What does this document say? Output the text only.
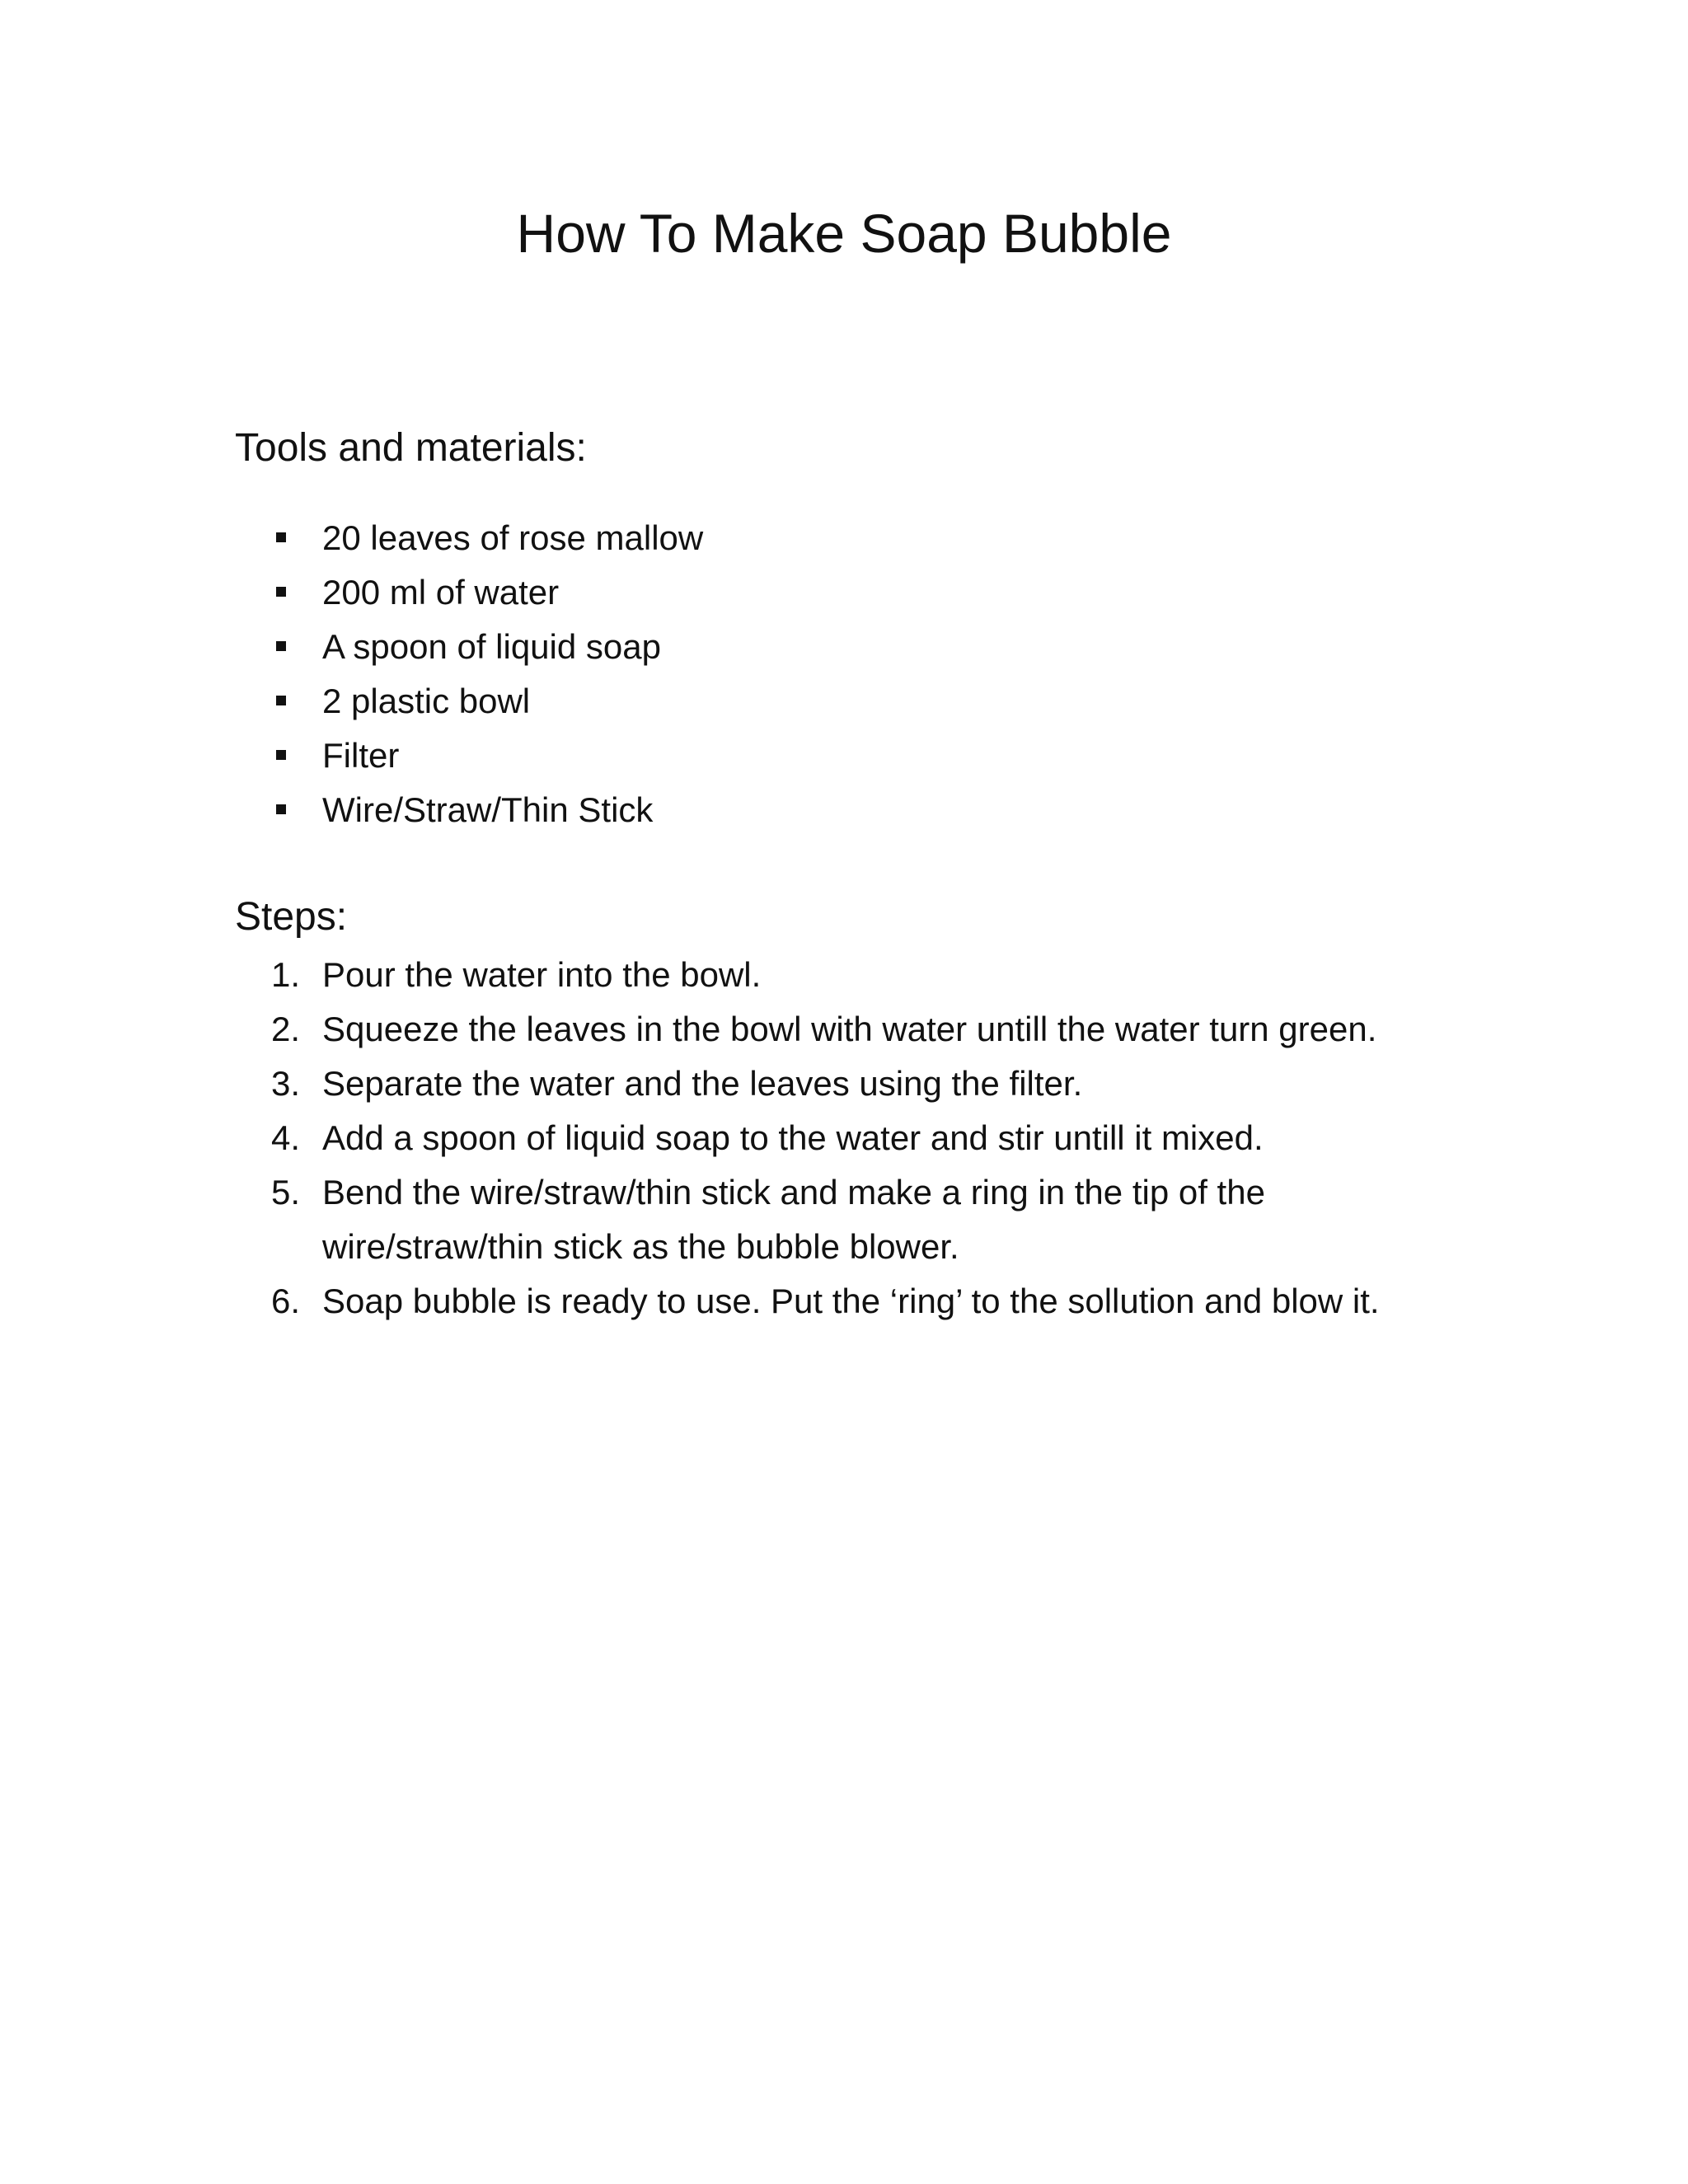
How To Make Soap Bubble
Tools and materials:
20 leaves of rose mallow
200 ml of water
A spoon of liquid soap
2 plastic bowl
Filter
Wire/Straw/Thin Stick
Steps:
1. Pour the water into the bowl.
2. Squeeze the leaves in the bowl with water untill the water turn green.
3. Separate the water and the leaves using the filter.
4. Add a spoon of liquid soap to the water and stir untill it mixed.
5. Bend the wire/straw/thin stick and make a ring in the tip of the wire/straw/thin stick as the bubble blower.
6. Soap bubble is ready to use. Put the ‘ring’ to the sollution and blow it.
